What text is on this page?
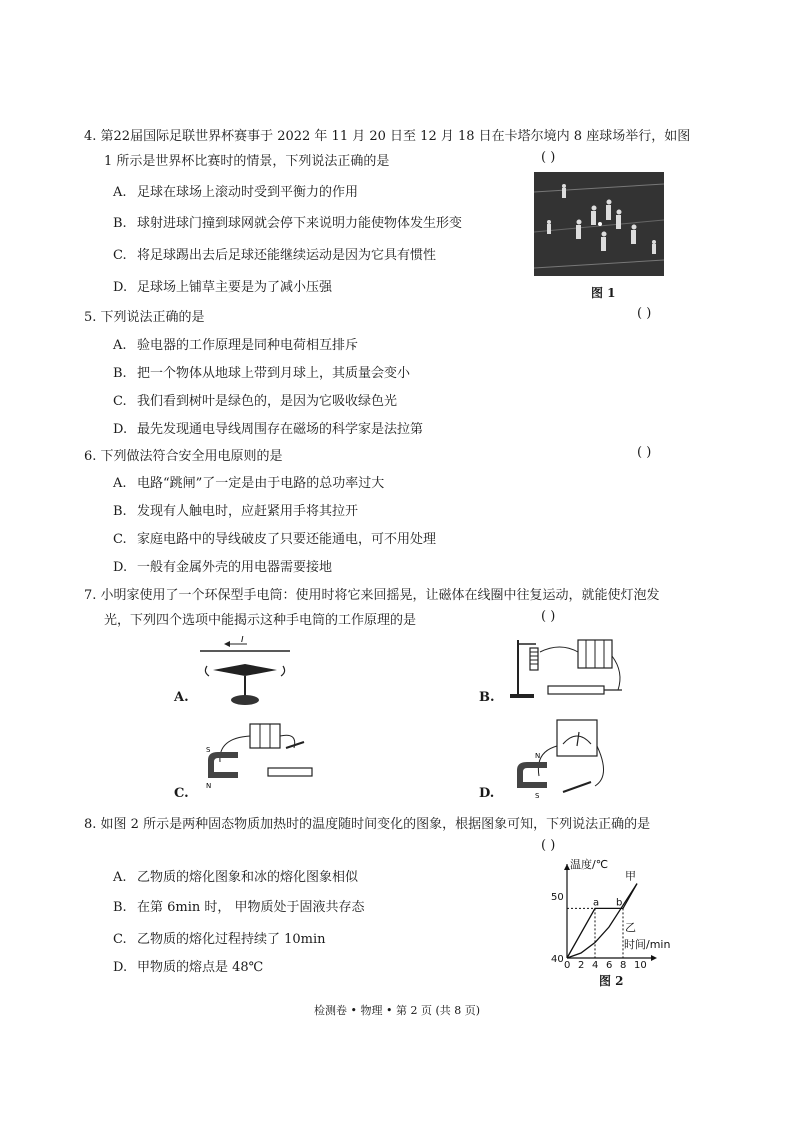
4. 第22届国际足联世界杯赛事于 2022 年 11 月 20 日至 12 月 18 日在卡塔尔境内 8 座球场举行，如图
1 所示是世界杯比赛时的情景，下列说法正确的是	( )
A. 足球在球场上滚动时受到平衡力的作用
B. 球射进球门撞到球网就会停下来说明力能使物体发生形变
C. 将足球踢出去后足球还能继续运动是因为它具有惯性
D. 足球场上铺草主要是为了减小压强	图 1
5. 下列说法正确的是	( )
A. 验电器的工作原理是同种电荷相互排斥
B. 把一个物体从地球上带到月球上，其质量会变小
C. 我们看到树叶是绿色的，是因为它吸收绿色光
D. 最先发现通电导线周围存在磁场的科学家是法拉第
6. 下列做法符合安全用电原则的是	( )
A. 电路“跳闸”了一定是由于电路的总功率过大
B. 发现有人触电时，应赶紧用手将其拉开
C. 家庭电路中的导线破皮了只要还能通电，可不用处理
D. 一般有金属外壳的用电器需要接地
7. 小明家使用了一个环保型手电筒：使用时将它来回摇晃，让磁体在线圈中往复运动，就能使灯泡发
光，下列四个选项中能揭示这种手电筒的工作原理的是	( )
A.
I
B.
C.
S
N	D.
N
S
8. 如图 2 所示是两种固态物质加热时的温度随时间变化的图象，根据图象可知，下列说法正确的是
( )
A. 乙物质的熔化图象和冰的熔化图象相似
B. 在第 6min 时， 甲物质处于固液共存态
C. 乙物质的熔化过程持续了 10min
D. 甲物质的熔点是 48℃
温度/℃
时间/min
0 2 4 6 8 10
40
50	a b
甲
乙
图 2
检测卷 • 物理 • 第 2 页 (共 8 页)
